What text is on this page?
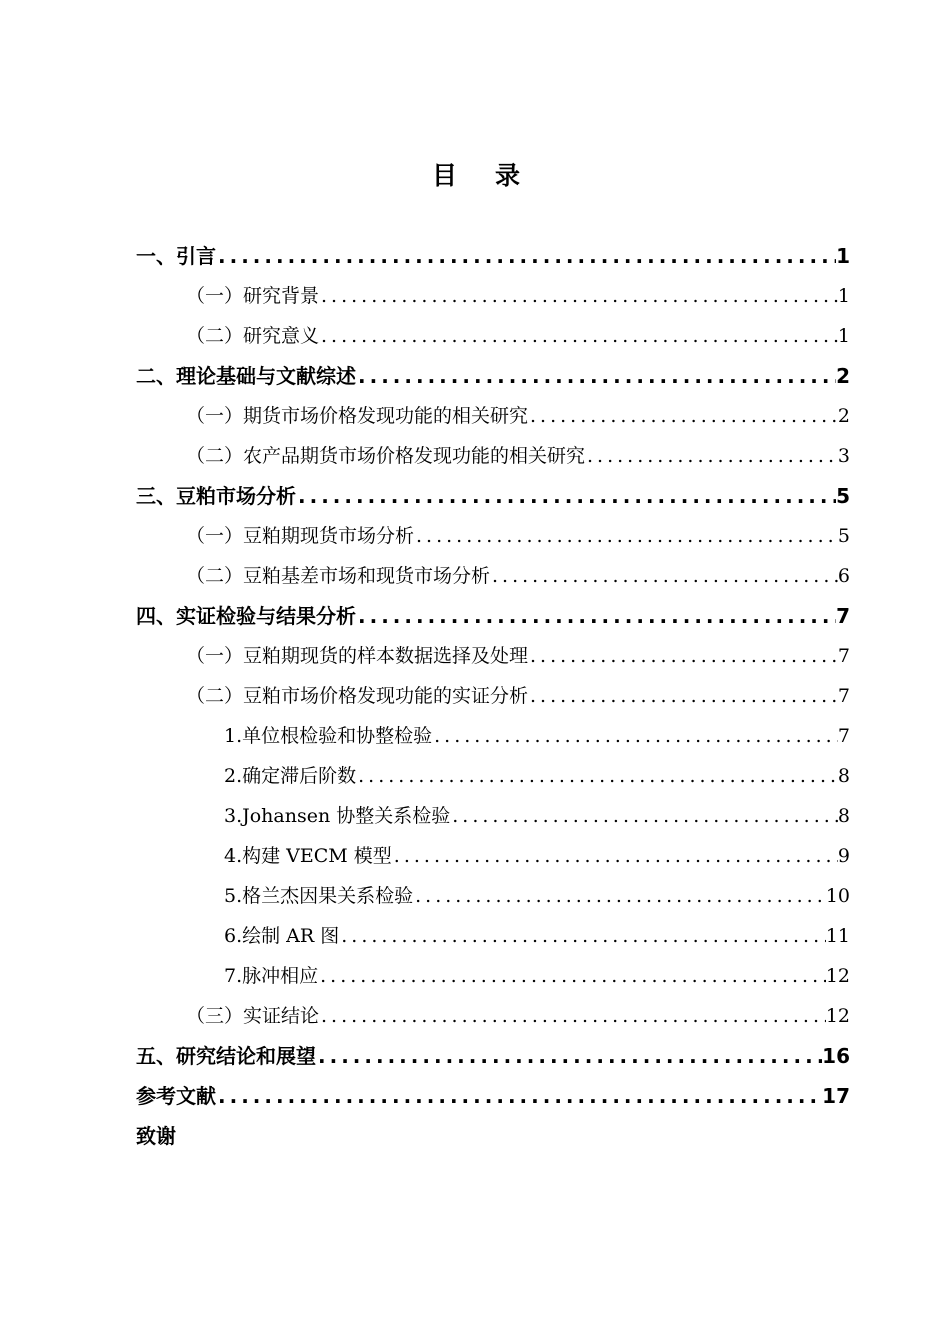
目录
一、引言 .....	1
（一）研究背景 .....	1
（二）研究意义 .....	1
二、理论基础与文献综述 .....	2
（一）期货市场价格发现功能的相关研究 .....	2
（二）农产品期货市场价格发现功能的相关研究 .....	3
三、豆粕市场分析 .....	5
（一）豆粕期现货市场分析 .....	5
（二）豆粕基差市场和现货市场分析 .....	6
四、实证检验与结果分析 .....	7
（一）豆粕期现货的样本数据选择及处理 .....	7
（二）豆粕市场价格发现功能的实证分析 .....	7
1.单位根检验和协整检验 .....	7
2.确定滞后阶数 .....	8
3.Johansen 协整关系检验 .....	8
4.构建 VECM 模型 .....	9
5.格兰杰因果关系检验 .....	10
6.绘制 AR 图 .....	11
7.脉冲相应 .....	12
（三）实证结论 .....	12
五、研究结论和展望 .....	16
参考文献 .....	17
致谢
